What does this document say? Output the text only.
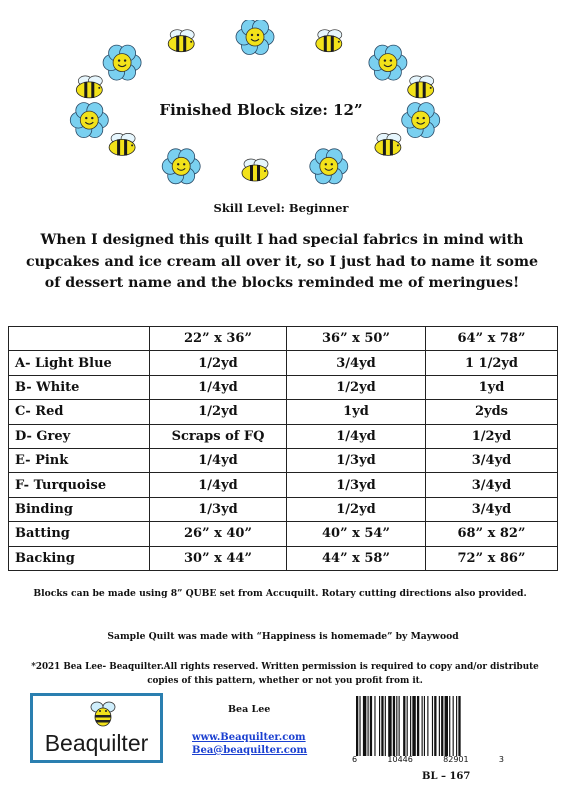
Finished Block size: 12”
Skill Level: Beginner
When I designed this quilt I had special fabrics in mind with cupcakes and ice cream all over it, so I just had to name it some of dessert name and the blocks reminded me of meringues!
	22” x 36”	36” x 50”	64” x 78”
A- Light Blue	1/2yd	3/4yd	1 1/2yd
B- White	1/4yd	1/2yd	1yd
C- Red	1/2yd	1yd	2yds
D- Grey	Scraps of FQ	1/4yd	1/2yd
E- Pink	1/4yd	1/3yd	3/4yd
F- Turquoise	1/4yd	1/3yd	3/4yd
Binding	1/3yd	1/2yd	3/4yd
Batting	26” x 40”	40” x 54”	68” x 82”
Backing	30” x 44”	44” x 58”	72” x 86”
Blocks can be made using 8” QUBE set from Accuquilt. Rotary cutting directions also provided.
Sample Quilt was made with “Happiness is homemade” by Maywood
*2021 Bea Lee- Beaquilter.All rights reserved. Written permission is required to copy and/or distribute copies of this pattern, whether or not you profit from it.
Beaquilter
Bea Lee
www.Beaquilter.com
Bea@beaquilter.com
6	10446	82901	3
BL – 167
